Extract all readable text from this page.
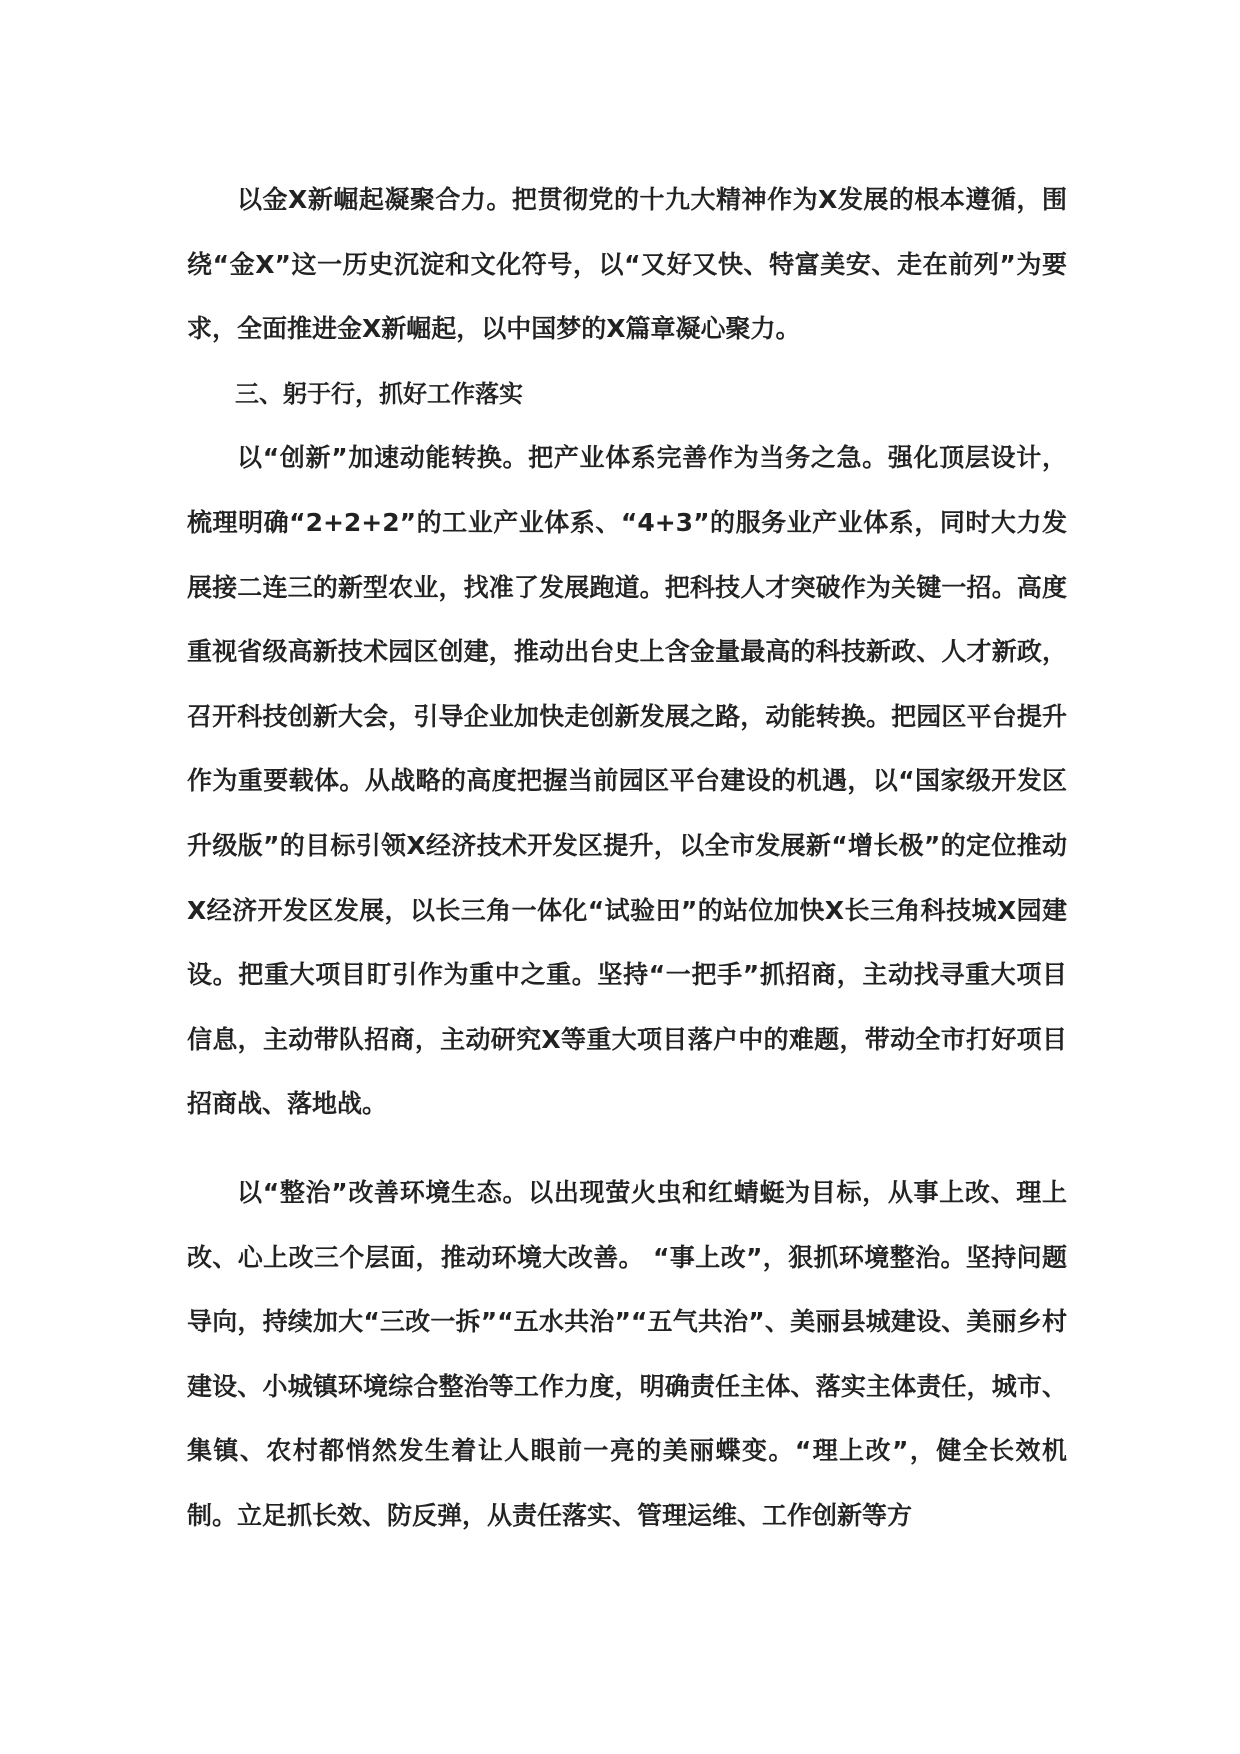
以金X新崛起凝聚合力。把贯彻党的十九大精神作为X发展的根本遵循，围绕“金X”这一历史沉淀和文化符号，以“又好又快、特富美安、走在前列”为要求，全面推进金X新崛起，以中国梦的X篇章凝心聚力。

三、躬于行，抓好工作落实

以“创新”加速动能转换。把产业体系完善作为当务之急。强化顶层设计，梳理明确“2+2+2”的工业产业体系、“4+3”的服务业产业体系，同时大力发展接二连三的新型农业，找准了发展跑道。把科技人才突破作为关键一招。高度重视省级高新技术园区创建，推动出台史上含金量最高的科技新政、人才新政，召开科技创新大会，引导企业加快走创新发展之路，动能转换。把园区平台提升作为重要载体。从战略的高度把握当前园区平台建设的机遇，以“国家级开发区升级版”的目标引领X经济技术开发区提升，以全市发展新“增长极”的定位推动X经济开发区发展，以长三角一体化“试验田”的站位加快X长三角科技城X园建设。把重大项目盯引作为重中之重。坚持“一把手”抓招商，主动找寻重大项目信息，主动带队招商，主动研究X等重大项目落户中的难题，带动全市打好项目招商战、落地战。

以“整治”改善环境生态。以出现萤火虫和红蜻蜓为目标，从事上改、理上改、心上改三个层面，推动环境大改善。 “事上改”，狠抓环境整治。坚持问题导向，持续加大“三改一拆”“五水共治”“五气共治”、美丽县城建设、美丽乡村建设、小城镇环境综合整治等工作力度，明确责任主体、落实主体责任，城市、集镇、农村都悄然发生着让人眼前一亮的美丽蝶变。“理上改”，健全长效机制。立足抓长效、防反弹，从责任落实、管理运维、工作创新等方
